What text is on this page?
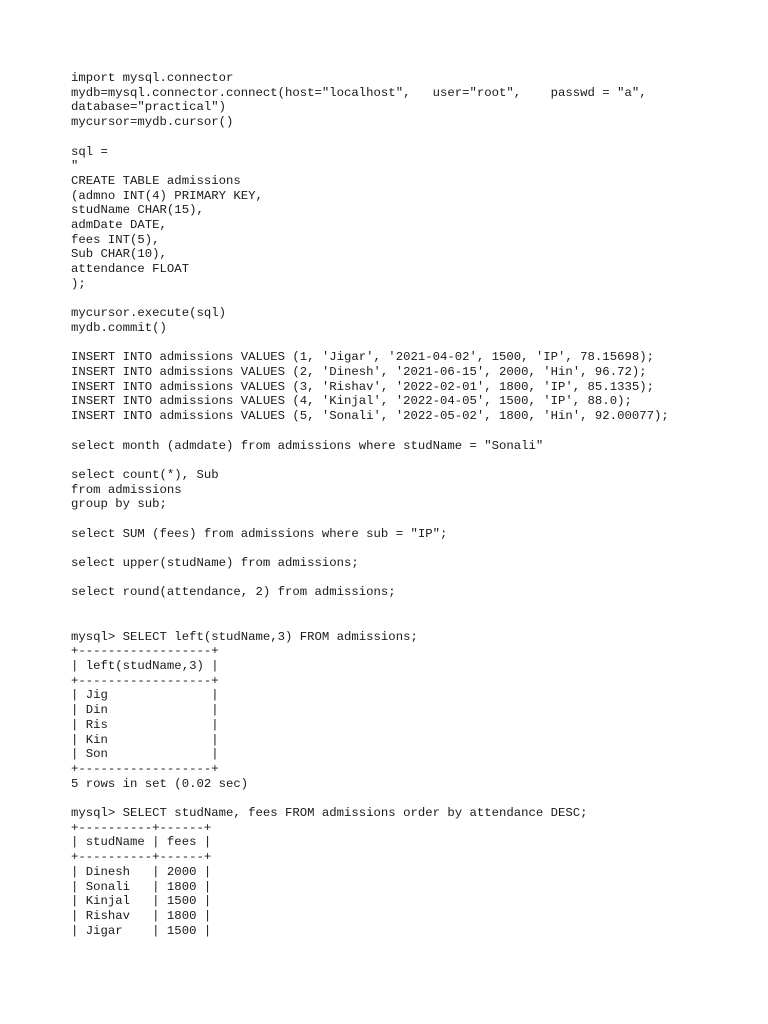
import mysql.connector
mydb=mysql.connector.connect(host="localhost",   user="root",    passwd = "a",
database="practical")
mycursor=mydb.cursor()
sql =
"
CREATE TABLE admissions
(admno INT(4) PRIMARY KEY,
studName CHAR(15),
admDate DATE,
fees INT(5),
Sub CHAR(10),
attendance FLOAT
);
mycursor.execute(sql)
mydb.commit()
INSERT INTO admissions VALUES (1, 'Jigar', '2021-04-02', 1500, 'IP', 78.15698);
INSERT INTO admissions VALUES (2, 'Dinesh', '2021-06-15', 2000, 'Hin', 96.72);
INSERT INTO admissions VALUES (3, 'Rishav', '2022-02-01', 1800, 'IP', 85.1335);
INSERT INTO admissions VALUES (4, 'Kinjal', '2022-04-05', 1500, 'IP', 88.0);
INSERT INTO admissions VALUES (5, 'Sonali', '2022-05-02', 1800, 'Hin', 92.00077);
select month (admdate) from admissions where studName = "Sonali"
select count(*), Sub
from admissions
group by sub;
select SUM (fees) from admissions where sub = "IP";
select upper(studName) from admissions;
select round(attendance, 2) from admissions;
mysql> SELECT left(studName,3) FROM admissions;
+------------------+
| left(studName,3) |
+------------------+
| Jig              |
| Din              |
| Ris              |
| Kin              |
| Son              |
+------------------+
5 rows in set (0.02 sec)
mysql> SELECT studName, fees FROM admissions order by attendance DESC;
+----------+------+
| studName | fees |
+----------+------+
| Dinesh   | 2000 |
| Sonali   | 1800 |
| Kinjal   | 1500 |
| Rishav   | 1800 |
| Jigar    | 1500 |
